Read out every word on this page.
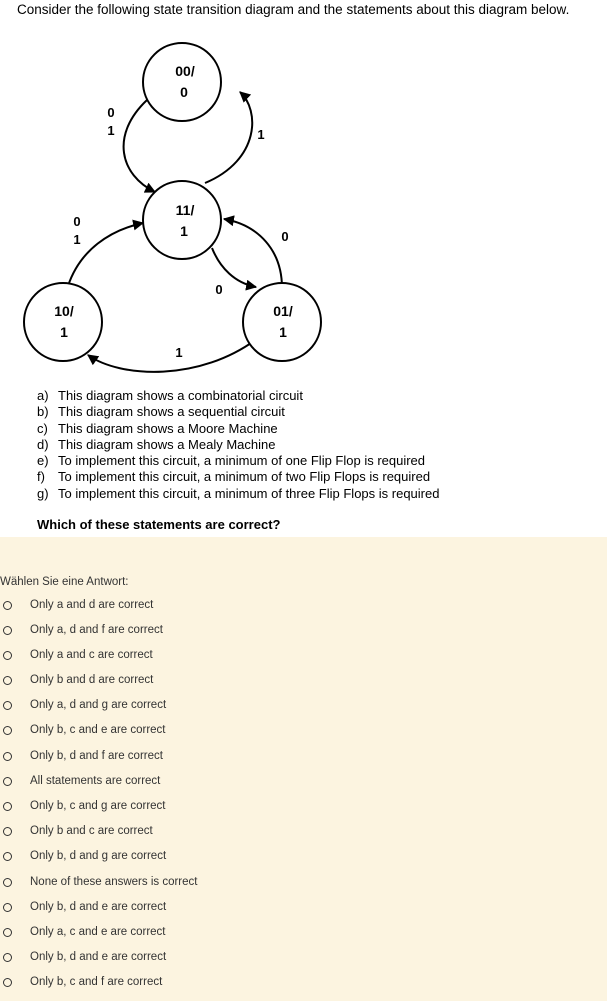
Consider the following state transition diagram and the statements about this diagram below.
00/
0
11/
1
10/
1
01/
1
0
1	1
0
1	0
0
1
a) This diagram shows a combinatorial circuit
b) This diagram shows a sequential circuit
c) This diagram shows a Moore Machine
d) This diagram shows a Mealy Machine
e) To implement this circuit, a minimum of one Flip Flop is required
f) To implement this circuit, a minimum of two Flip Flops is required
g) To implement this circuit, a minimum of three Flip Flops is required
Which of these statements are correct?
Wählen Sie eine Antwort:
Only a and d are correct
Only a, d and f are correct
Only a and c are correct
Only b and d are correct
Only a, d and g are correct
Only b, c and e are correct
Only b, d and f are correct
All statements are correct
Only b, c and g are correct
Only b and c are correct
Only b, d and g are correct
None of these answers is correct
Only b, d and e are correct
Only a, c and e are correct
Only b, d and e are correct
Only b, c and f are correct
